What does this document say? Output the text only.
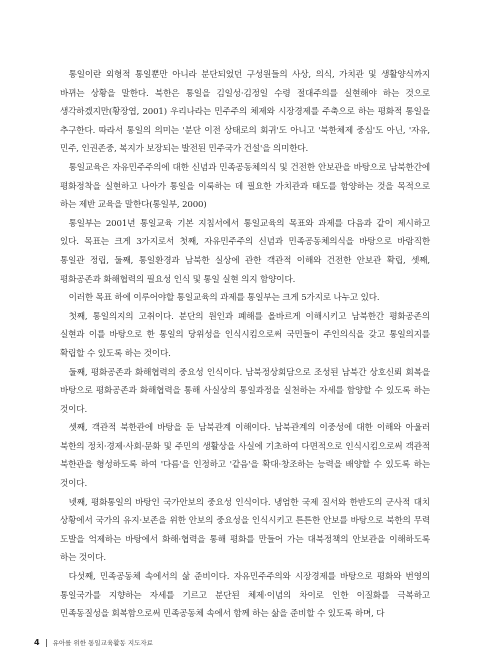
통일이란 외형적 통일뿐만 아니라 분단되었던 구성원들의 사상, 의식, 가치관 및 생활양식까지 바뀌는 상황을 말한다. 북한은 통일을 김일성·김정일 수령 절대주의를 실현해야 하는 것으로 생각하겠지만(황장엽, 2001) 우리나라는 민주주의 체제와 시장경제를 주축으로 하는 평화적 통일을 추구한다. 따라서 통일의 의미는 '분단 이전 상태로의 회귀'도 아니고 '북한체제 중심'도 아닌, '자유, 민주, 인권존중, 복지가 보장되는 발전된 민주국가 건설'을 의미한다.

통일교육은 자유민주주의에 대한 신념과 민족공동체의식 및 건전한 안보관을 바탕으로 남북한간에 평화정착을 실현하고 나아가 통일을 이룩하는 데 필요한 가치관과 태도를 함양하는 것을 목적으로 하는 제반 교육을 말한다(통일부, 2000)

통일부는 2001년 통일교육 기본 지침서에서 통일교육의 목표와 과제를 다음과 같이 제시하고 있다. 목표는 크게 3가지로서 첫째, 자유민주주의 신념과 민족공동체의식을 바탕으로 바람직한 통일관 정립, 둘째, 통일환경과 남북한 실상에 관한 객관적 이해와 건전한 안보관 확립, 셋째, 평화공존과 화해협력의 필요성 인식 및 통일 실현 의지 함양이다.

이러한 목표 하에 이루어야할 통일교육의 과제를 통일부는 크게 5가지로 나누고 있다.

첫째, 통일의지의 고취이다. 분단의 원인과 폐해를 올바르게 이해시키고 남북한간 평화공존의 실현과 이를 바탕으로 한 통일의 당위성을 인식시킴으로써 국민들이 주인의식을 갖고 통일의지를 확립할 수 있도록 하는 것이다.

둘째, 평화공존과 화해협력의 중요성 인식이다. 남북정상회담으로 조성된 남북간 상호신뢰 회복을 바탕으로 평화공존과 화해협력을 통해 사실상의 통일과정을 실천하는 자세를 함양할 수 있도록 하는 것이다.

셋째, 객관적 북한관에 바탕을 둔 남북관계 이해이다. 남북관계의 이중성에 대한 이해와 아울러 북한의 정치·경제·사회·문화 및 주민의 생활상을 사실에 기초하여 다면적으로 인식시킴으로써 객관적 북한관을 형성하도록 하여 '다름'을 인정하고 '같음'을 확대·창조하는 능력을 배양할 수 있도록 하는 것이다.

넷째, 평화통일의 바탕인 국가안보의 중요성 인식이다. 냉엄한 국제 질서와 한반도의 군사적 대치 상황에서 국가의 유지·보존을 위한 안보의 중요성을 인식시키고 튼튼한 안보를 바탕으로 북한의 무력 도발을 억제하는 바탕에서 화해·협력을 통해 평화를 만들어 가는 대북정책의 안보관을 이해하도록 하는 것이다.

다섯째, 민족공동체 속에서의 삶 준비이다. 자유민주주의와 시장경제를 바탕으로 평화와 번영의 통일국가를 지향하는 자세를 기르고 분단된 체제·이념의 차이로 인한 이질화를 극복하고 민족동질성을 회복함으로써 민족공동체 속에서 함께 하는 삶을 준비할 수 있도록 하며, 다

4 유아를 위한 통일교육활동 지도자료
